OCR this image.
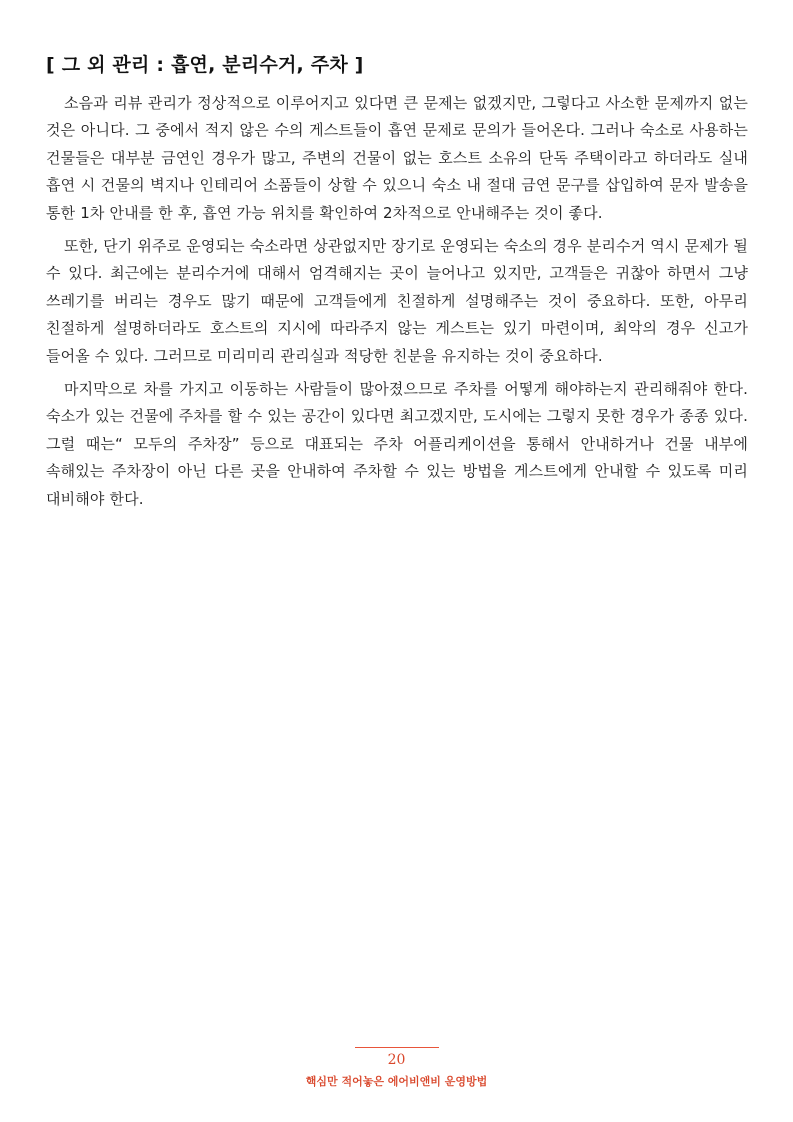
[ 그 외 관리 : 흡연, 분리수거, 주차 ]

소음과 리뷰 관리가 정상적으로 이루어지고 있다면 큰 문제는 없겠지만, 그렇다고 사소한 문제까지 없는 것은 아니다. 그 중에서 적지 않은 수의 게스트들이 흡연 문제로 문의가 들어온다. 그러나 숙소로 사용하는 건물들은 대부분 금연인 경우가 많고, 주변의 건물이 없는 호스트 소유의 단독 주택이라고 하더라도 실내 흡연 시 건물의 벽지나 인테리어 소품들이 상할 수 있으니 숙소 내 절대 금연 문구를 삽입하여 문자 발송을 통한 1차 안내를 한 후, 흡연 가능 위치를 확인하여 2차적으로 안내해주는 것이 좋다.

또한, 단기 위주로 운영되는 숙소라면 상관없지만 장기로 운영되는 숙소의 경우 분리수거 역시 문제가 될 수 있다. 최근에는 분리수거에 대해서 엄격해지는 곳이 늘어나고 있지만, 고객들은 귀찮아 하면서 그냥 쓰레기를 버리는 경우도 많기 때문에 고객들에게 친절하게 설명해주는 것이 중요하다. 또한, 아무리 친절하게 설명하더라도 호스트의 지시에 따라주지 않는 게스트는 있기 마련이며, 최악의 경우 신고가 들어올 수 있다. 그러므로 미리미리 관리실과 적당한 친분을 유지하는 것이 중요하다.

마지막으로 차를 가지고 이동하는 사람들이 많아졌으므로 주차를 어떻게 해야하는지 관리해줘야 한다. 숙소가 있는 건물에 주차를 할 수 있는 공간이 있다면 최고겠지만, 도시에는 그렇지 못한 경우가 종종 있다. 그럴 때는“ 모두의 주차장” 등으로 대표되는 주차 어플리케이션을 통해서 안내하거나 건물 내부에 속해있는 주차장이 아닌 다른 곳을 안내하여 주차할 수 있는 방법을 게스트에게 안내할 수 있도록 미리 대비해야 한다.

20
핵심만 적어놓은 에어비앤비 운영방법
